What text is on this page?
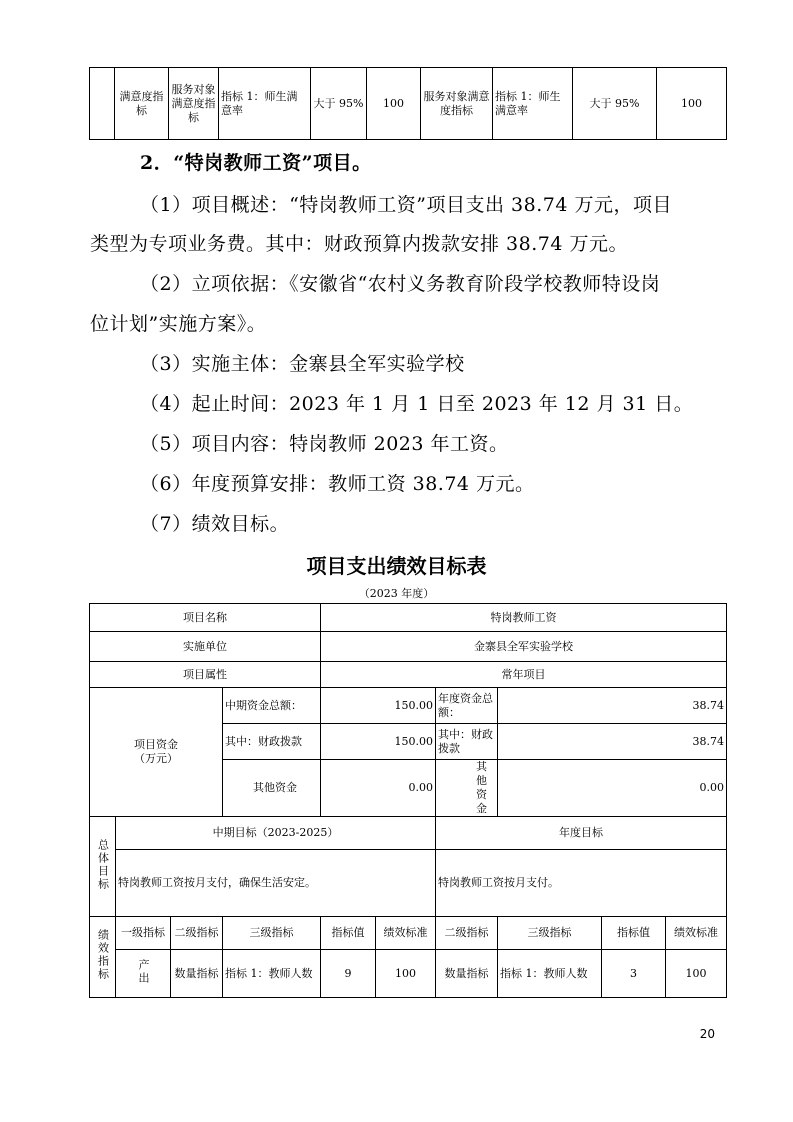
	满意度指标	服务对象满意度指标	指标 1：师生满意率	大于 95%	100	服务对象满意度指标	指标 1：师生满意率	大于 95%	100
2．“特岗教师工资”项目。
（1）项目概述：“特岗教师工资”项目支出 38.74 万元，项目
类型为专项业务费。其中：财政预算内拨款安排 38.74 万元。
（2）立项依据：《安徽省“农村义务教育阶段学校教师特设岗
位计划”实施方案》。
（3）实施主体：金寨县全军实验学校
（4）起止时间：2023 年 1 月 1 日至 2023 年 12 月 31 日。
（5）项目内容：特岗教师 2023 年工资。
（6）年度预算安排：教师工资 38.74 万元。
（7）绩效目标。
项目支出绩效目标表
（2023 年度）
项目名称				特岗教师工资					
实施单位				金寨县全军实验学校					
项目属性				常年项目					
项目资金（万元）			中期资金总额：	150.00		年度资金总额：	38.74		
			其中：财政拨款	150.00		其中：财政拨款	38.74		
			其他资金	0.00		其他资金	0.00		
总体目标	中期目标（2023-2025）					年度目标			
	特岗教师工资按月支付，确保生活安定。					特岗教师工资按月支付。			
绩效指标	一级指标	二级指标	三级指标	指标值	绩效标准	二级指标	三级指标	指标值	绩效标准
	产出	数量指标	指标 1：教师人数	9	100	数量指标	指标 1：教师人数	3	100
20
